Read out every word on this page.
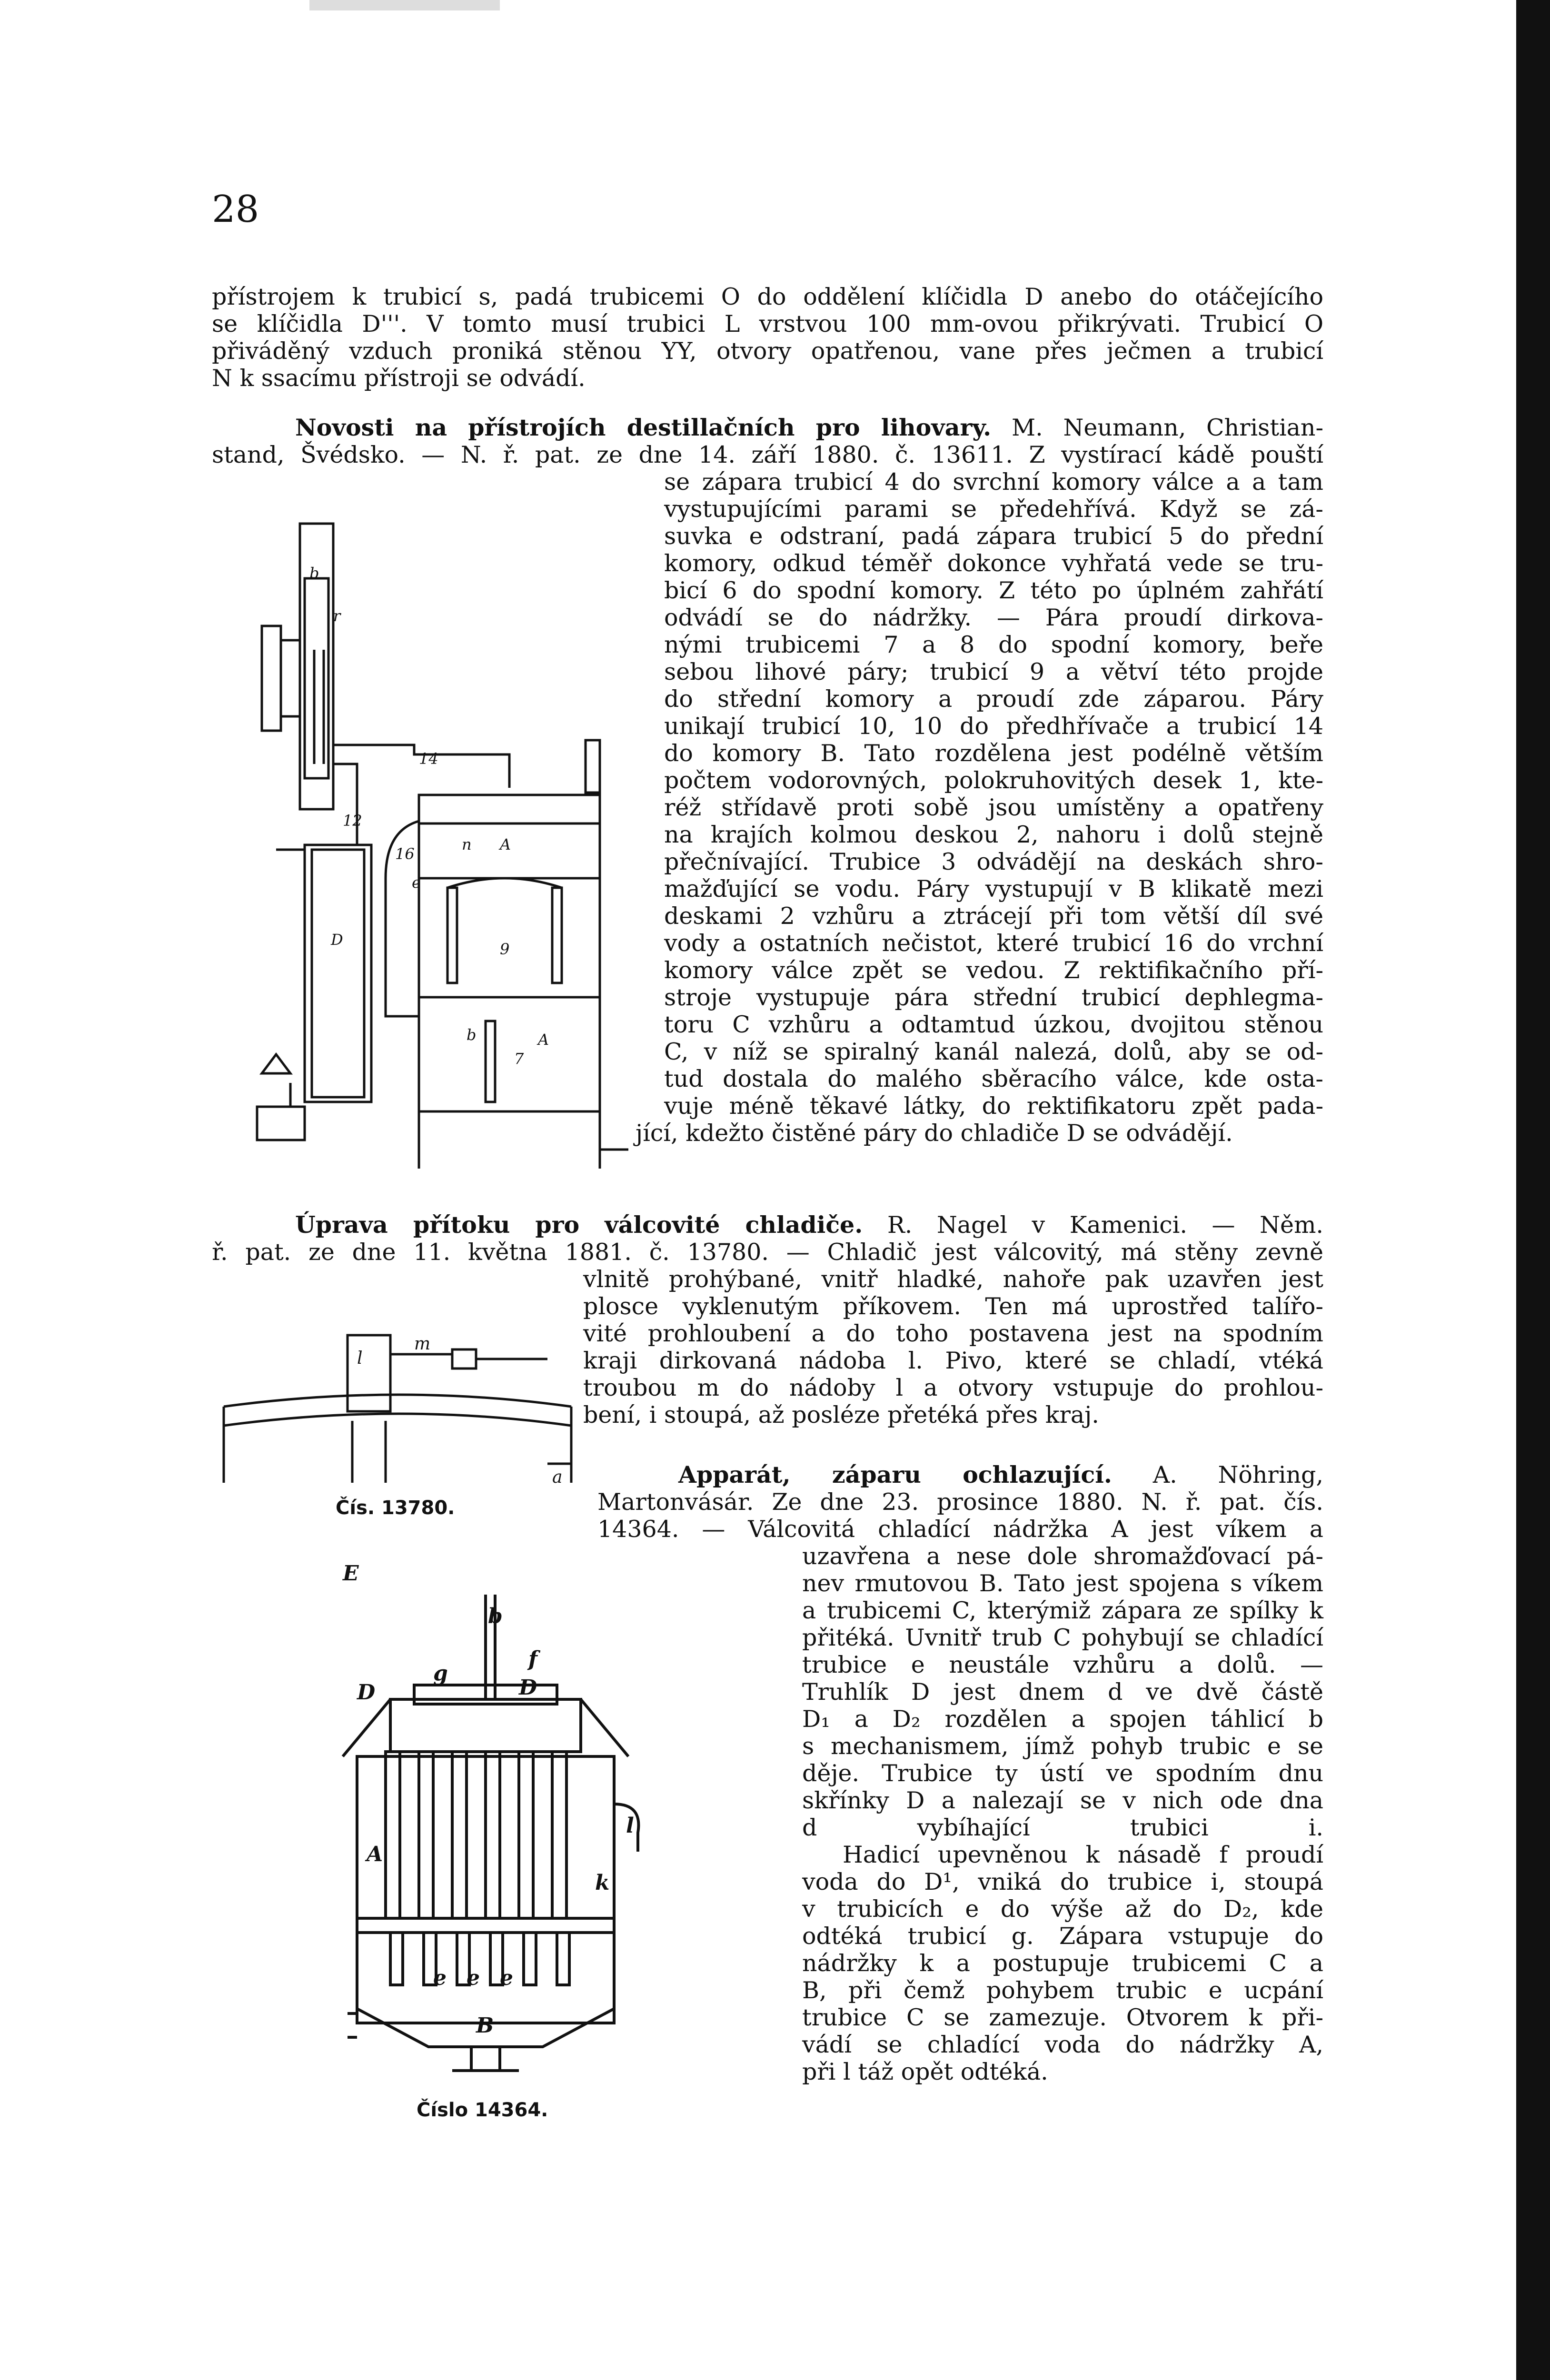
28
přístrojem k trubicí s, padá trubicemi O do oddělení klíčidla D anebo do otáčejícího
se klíčidla D'''. V tomto musí trubici L vrstvou 100 mm-ovou přikrývati. Trubicí O
přiváděný vzduch proniká stěnou YY, otvory opatřenou, vane přes ječmen a trubicí
N k ssacímu přístroji se odvádí.
Novosti na přístrojích destillačních pro lihovary. M. Neumann, Christian-
stand, Švédsko. — N. ř. pat. ze dne 14. září 1880. č. 13611. Z vystírací kádě pouští
se zápara trubicí 4 do svrchní komory válce a a tam
vystupujícími parami se předehřívá. Když se zá-
suvka e odstraní, padá zápara trubicí 5 do přední
komory, odkud téměř dokonce vyhřatá vede se tru-
bicí 6 do spodní komory. Z této po úplném zahřátí
odvádí se do nádržky. — Pára proudí dirkova-
nými trubicemi 7 a 8 do spodní komory, beře
sebou lihové páry; trubicí 9 a větví této projde
do střední komory a proudí zde záparou. Páry
unikají trubicí 10, 10 do předhřívače a trubicí 14
do komory B. Tato rozdělena jest podélně větším
počtem vodorovných, polokruhovitých desek 1, kte-
réž střídavě proti sobě jsou umístěny a opatřeny
na krajích kolmou deskou 2, nahoru i dolů stejně
přečnívající. Trubice 3 odvádějí na deskách shro-
mažďující se vodu. Páry vystupují v B klikatě mezi
deskami 2 vzhůru a ztrácejí při tom větší díl své
vody a ostatních nečistot, které trubicí 16 do vrchní
komory válce zpět se vedou. Z rektifikačního pří-
stroje vystupuje pára střední trubicí dephlegma-
toru C vzhůru a odtamtud úzkou, dvojitou stěnou
C, v níž se spiralný kanál nalezá, dolů, aby se od-
tud dostala do malého sběracího válce, kde osta-
vuje méně těkavé látky, do rektifikatoru zpět pada-
jící, kdežto čistěné páry do chladiče D se odvádějí.
b
r
14
12
16
e
D
A
9
7
A
n
b
Úprava přítoku pro válcovité chladiče. R. Nagel v Kamenici. — Něm.
ř. pat. ze dne 11. května 1881. č. 13780. — Chladič jest válcovitý, má stěny zevně
vlnitě prohýbané, vnitř hladké, nahoře pak uzavřen jest
plosce vyklenutým příkovem. Ten má uprostřed talířo-
vité prohloubení a do toho postavena jest na spodním
kraji dirkovaná nádoba l. Pivo, které se chladí, vtéká
troubou m do nádoby l a otvory vstupuje do prohlou-
bení, i stoupá, až posléze přetéká přes kraj.
l
m
a
Čís. 13780.
Apparát, záparu ochlazující. A. Nöhring,
Martonvásár. Ze dne 23. prosince 1880. N. ř. pat. čís.
14364. — Válcovitá chladící nádržka A jest víkem a
uzavřena a nese dole shromažďovací pá-
nev rmutovou B. Tato jest spojena s víkem
a trubicemi C, kterýmiž zápara ze spílky k
přitéká. Uvnitř trub C pohybují se chladící
trubice e neustále vzhůru a dolů. —
Truhlík D jest dnem d ve dvě částě
D₁ a D₂ rozdělen a spojen táhlicí b
s mechanismem, jímž pohyb trubic e se
děje. Trubice ty ústí ve spodním dnu
skřínky D a nalezají se v nich ode dna
d vybíhající trubici i.
Hadicí upevněnou k násadě f proudí
voda do D¹, vniká do trubice i, stoupá
v trubicích e do výše až do D₂, kde
odtéká trubicí g. Zápara vstupuje do
nádržky k a postupuje trubicemi C a
B, při čemž pohybem trubic e ucpání
trubice C se zamezuje. Otvorem k při-
vádí se chladící voda do nádržky A,
při l táž opět odtéká.
E
b
D
f
D
g
A
e e e
B
l
k
Číslo 14364.
